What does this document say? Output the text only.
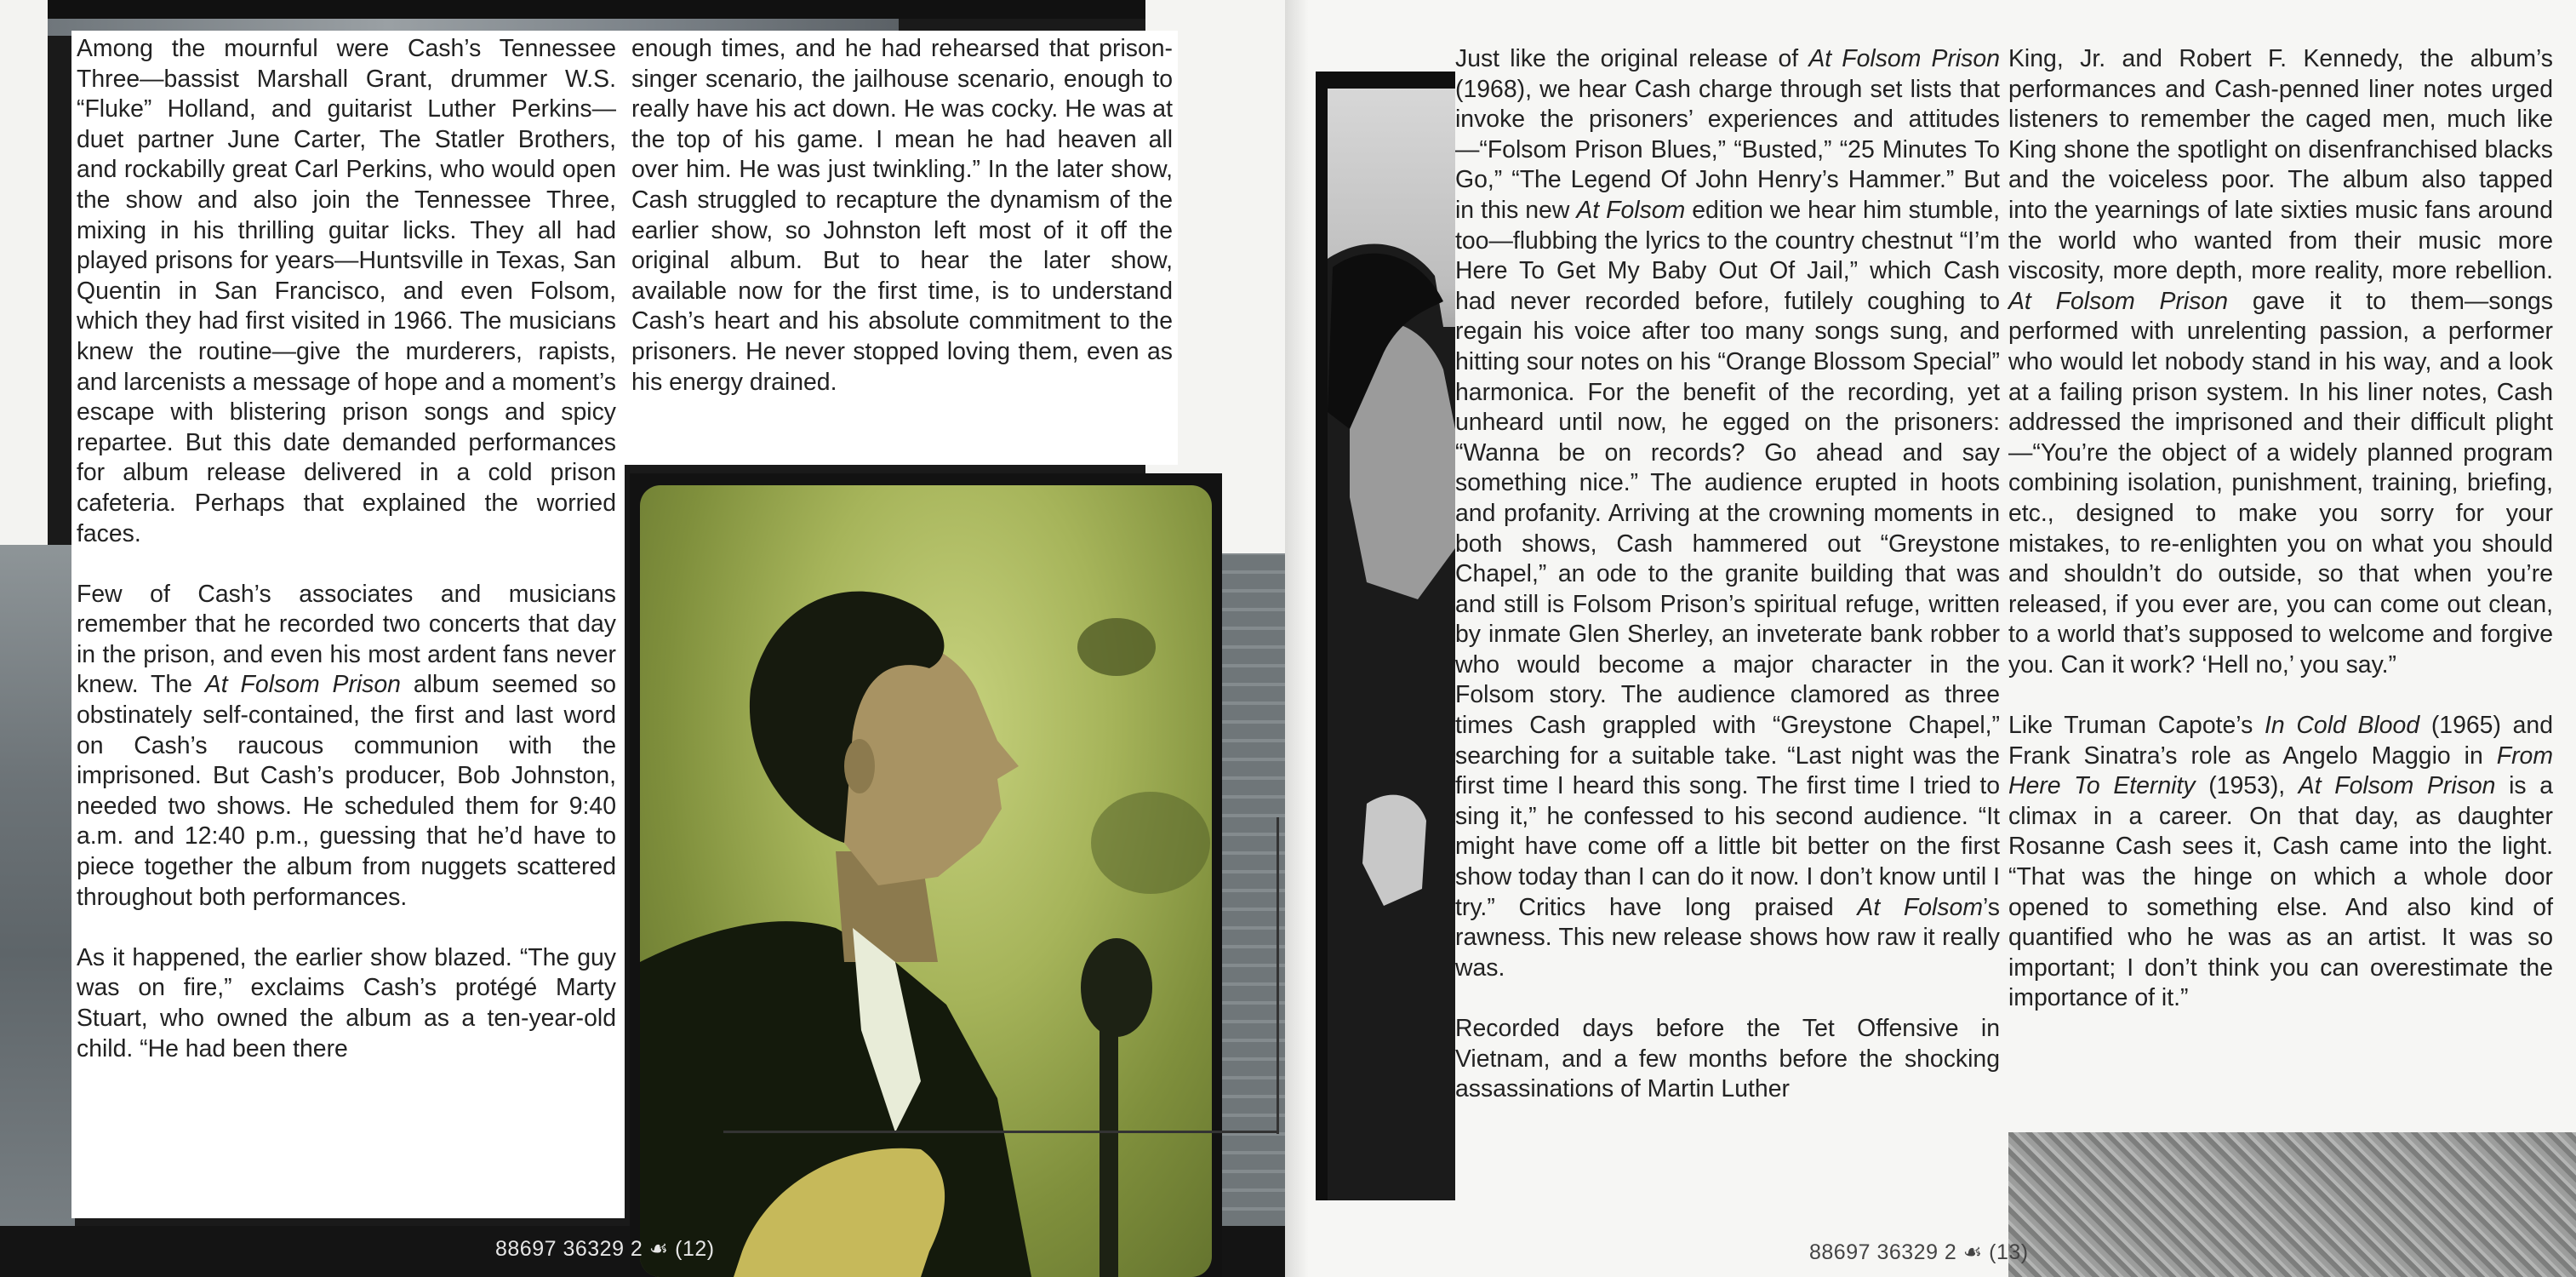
Among the mournful were Cash’s Tennessee Three—bassist Marshall Grant, drummer W.S. “Fluke” Holland, and guitarist Luther Perkins—duet partner June Carter, The Statler Brothers, and rockabilly great Carl Perkins, who would open the show and also join the Tennessee Three, mixing in his thrilling guitar licks. They all had played prisons for years—Huntsville in Texas, San Quentin in San Francisco, and even Folsom, which they had first visited in 1966. The musicians knew the routine—give the murderers, rapists, and larcenists a message of hope and a moment’s escape with blistering prison songs and spicy repartee. But this date demanded performances for album release delivered in a cold prison cafeteria. Perhaps that explained the worried faces.

Few of Cash’s associates and musicians remember that he recorded two concerts that day in the prison, and even his most ardent fans never knew. The At Folsom Prison album seemed so obstinately self-contained, the first and last word on Cash’s raucous communion with the imprisoned. But Cash’s producer, Bob Johnston, needed two shows. He scheduled them for 9:40 a.m. and 12:40 p.m., guessing that he’d have to piece together the album from nuggets scattered throughout both performances.

As it happened, the earlier show blazed. “The guy was on fire,” exclaims Cash’s protégé Marty Stuart, who owned the album as a ten-year-old child. “He had been there

enough times, and he had rehearsed that prison-singer scenario, the jailhouse scenario, enough to really have his act down. He was cocky. He was at the top of his game. I mean he had heaven all over him. He was just twinkling.” In the later show, Cash struggled to recapture the dynamism of the earlier show, so Johnston left most of it off the original album. But to hear the later show, available now for the first time, is to understand Cash’s heart and his absolute commitment to the prisoners. He never stopped loving them, even as his energy drained.

88697 36329 2 ☙ (12)

Just like the original release of At Folsom Prison (1968), we hear Cash charge through set lists that invoke the prisoners’ experiences and attitudes—“Folsom Prison Blues,” “Busted,” “25 Minutes To Go,” “The Legend Of John Henry’s Hammer.” But in this new At Folsom edition we hear him stumble, too—flubbing the lyrics to the country chestnut “I’m Here To Get My Baby Out Of Jail,” which Cash had never recorded before, futilely coughing to regain his voice after too many songs sung, and hitting sour notes on his “Orange Blossom Special” harmonica. For the benefit of the recording, yet unheard until now, he egged on the prisoners: “Wanna be on records? Go ahead and say something nice.” The audience erupted in hoots and profanity. Arriving at the crowning moments in both shows, Cash hammered out “Greystone Chapel,” an ode to the granite building that was and still is Folsom Prison’s spiritual refuge, written by inmate Glen Sherley, an inveterate bank robber who would become a major character in the Folsom story. The audience clamored as three times Cash grappled with “Greystone Chapel,” searching for a suitable take. “Last night was the first time I heard this song. The first time I tried to sing it,” he confessed to his second audience. “It might have come off a little bit better on the first show today than I can do it now. I don’t know until I try.” Critics have long praised At Folsom’s rawness. This new release shows how raw it really was.

Recorded days before the Tet Offensive in Vietnam, and a few months before the shocking assassinations of Martin Luther

King, Jr. and Robert F. Kennedy, the album’s performances and Cash-penned liner notes urged listeners to remember the caged men, much like King shone the spotlight on disenfranchised blacks and the voiceless poor. The album also tapped into the yearnings of late sixties music fans around the world who wanted from their music more viscosity, more depth, more reality, more rebellion. At Folsom Prison gave it to them—songs performed with unrelenting passion, a performer who would let nobody stand in his way, and a look at a failing prison system. In his liner notes, Cash addressed the imprisoned and their difficult plight—“You’re the object of a widely planned program combining isolation, punishment, training, briefing, etc., designed to make you sorry for your mistakes, to re-enlighten you on what you should and shouldn’t do outside, so that when you’re released, if you ever are, you can come out clean, to a world that’s supposed to welcome and forgive you. Can it work? ‘Hell no,’ you say.”

Like Truman Capote’s In Cold Blood (1965) and Frank Sinatra’s role as Angelo Maggio in From Here To Eternity (1953), At Folsom Prison is a climax in a career. On that day, as daughter Rosanne Cash sees it, Cash came into the light. “That was the hinge on which a whole door opened to something else. And also kind of quantified who he was as an artist. It was so important; I don’t think you can overestimate the importance of it.”

88697 36329 2 ☙ (13)
